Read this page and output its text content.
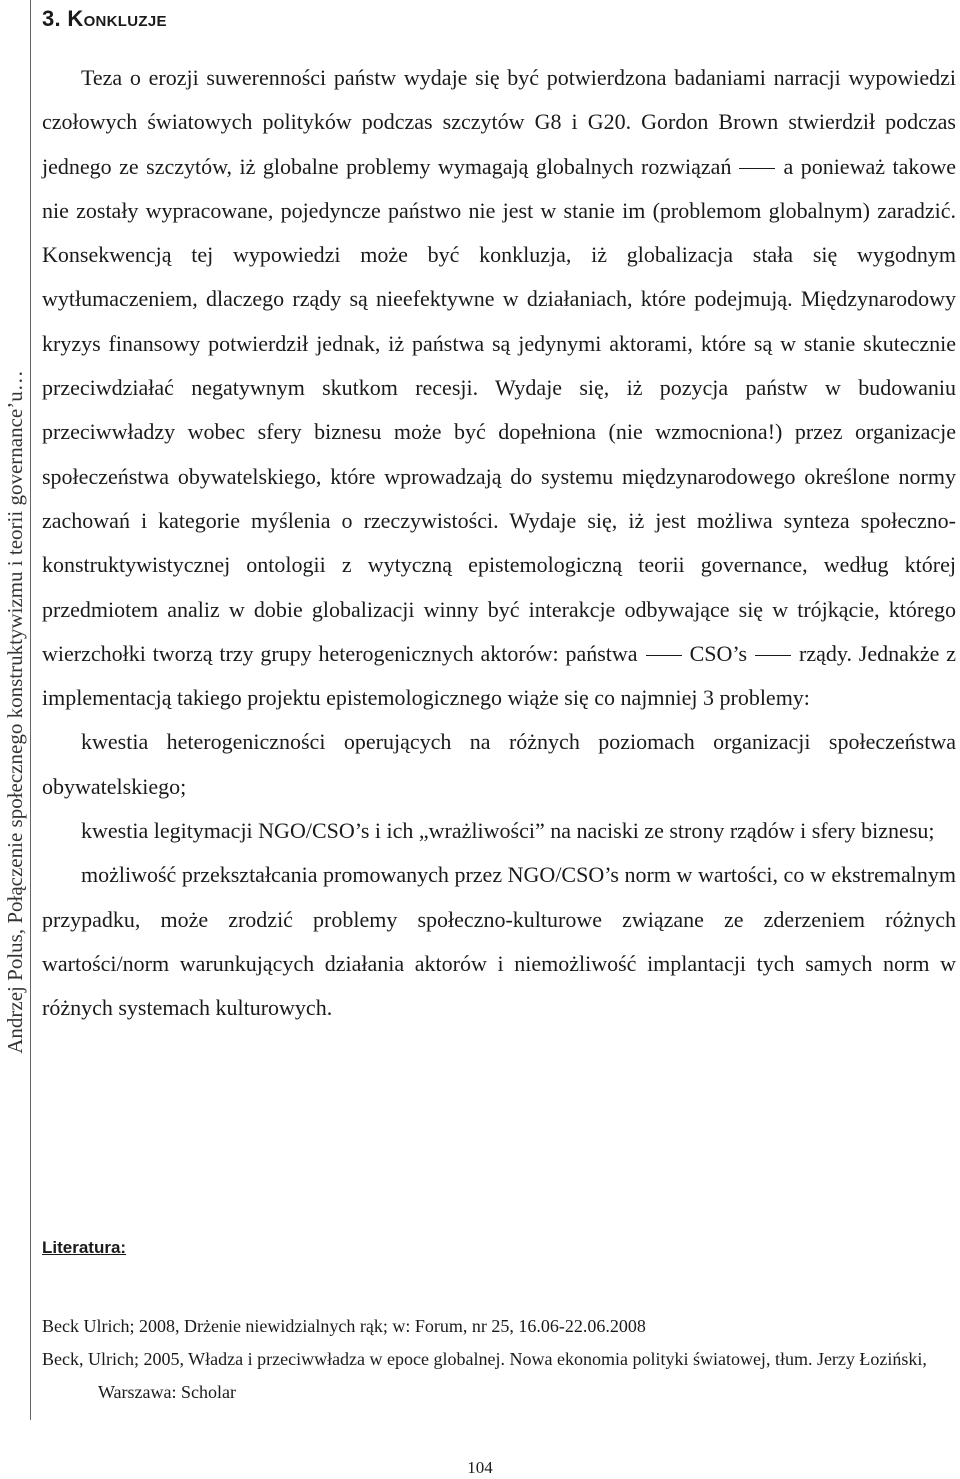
Andrzej Polus, Połączenie społecznego konstruktywizmu i teorii governance’u…
3. Konkluzje

Teza o erozji suwerenności państw wydaje się być potwierdzona badaniami narracji wypowiedzi czołowych światowych polityków podczas szczytów G8 i G20. Gordon Brown stwierdził podczas jednego ze szczytów, iż globalne problemy wymagają globalnych rozwiązań a ponieważ takowe nie zostały wypracowane, pojedyncze państwo nie jest w stanie im (problemom globalnym) zaradzić. Konsekwencją tej wypowiedzi może być konkluzja, iż globalizacja stała się wygodnym wytłumaczeniem, dlaczego rządy są nieefektywne w działaniach, które podejmują. Międzynarodowy kryzys finansowy potwierdził jednak, iż państwa są jedynymi aktorami, które są w stanie skutecznie przeciwdziałać negatywnym skutkom recesji. Wydaje się, iż pozycja państw w budowaniu przeciwwładzy wobec sfery biznesu może być dopełniona (nie wzmocniona!) przez organizacje społeczeństwa obywatelskiego, które wprowadzają do systemu międzynarodowego określone normy zachowań i kategorie myślenia o rzeczywistości. Wydaje się, iż jest możliwa synteza społeczno-konstruktywistycznej ontologii z wytyczną epistemologiczną teorii governance, według której przedmiotem analiz w dobie globalizacji winny być interakcje odbywające się w trójkącie, którego wierzchołki tworzą trzy grupy heterogenicznych aktorów: państwa CSO’s rządy. Jednakże z implementacją takiego projektu epistemologicznego wiąże się co najmniej 3 problemy:

kwestia heterogeniczności operujących na różnych poziomach organizacji społeczeństwa obywatelskiego;

kwestia legitymacji NGO/CSO’s i ich „wrażliwości” na naciski ze strony rządów i sfery biznesu;

możliwość przekształcania promowanych przez NGO/CSO’s norm w wartości, co w ekstremalnym przypadku, może zrodzić problemy społeczno-kulturowe związane ze zderzeniem różnych wartości/norm warunkujących działania aktorów i niemożliwość implantacji tych samych norm w różnych systemach kulturowych.

Literatura:

Beck Ulrich; 2008, Drżenie niewidzialnych rąk; w: Forum, nr 25, 16.06-22.06.2008

Beck, Ulrich; 2005, Władza i przeciwwładza w epoce globalnej. Nowa ekonomia polityki światowej, tłum. Jerzy Łoziński, Warszawa: Scholar

104
